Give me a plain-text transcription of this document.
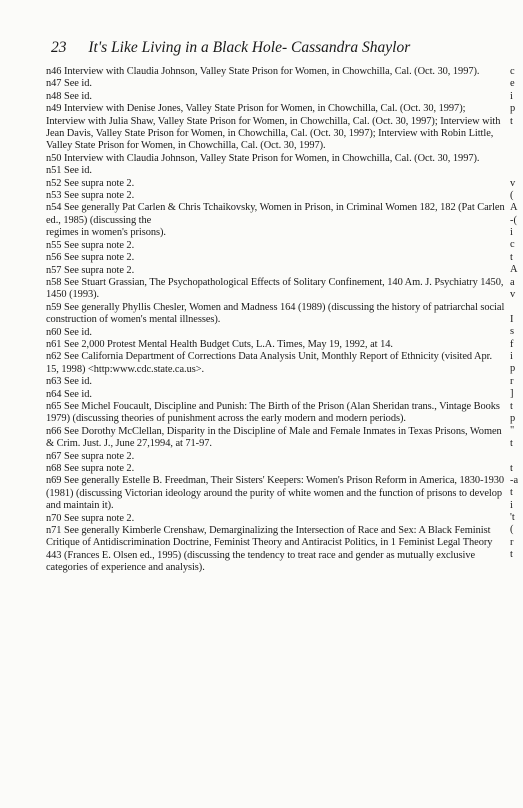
23 It's Like Living in a Black Hole- Cassandra Shaylor

n46 Interview with Claudia Johnson, Valley State Prison for Women, in Chowchilla, Cal. (Oct. 30, 1997).

n47 See id.

n48 See id.

n49 Interview with Denise Jones, Valley State Prison for Women, in Chowchilla, Cal. (Oct. 30, 1997); Interview with Julia Shaw, Valley State Prison for Women, in Chowchilla, Cal. (Oct. 30, 1997); Interview with Jean Davis, Valley State Prison for Women, in Chowchilla, Cal. (Oct. 30, 1997); Interview with Robin Little, Valley State Prison for Women, in Chowchilla, Cal. (Oct. 30, 1997).

n50 Interview with Claudia Johnson, Valley State Prison for Women, in Chowchilla, Cal. (Oct. 30, 1997).

n51 See id.

n52 See supra note 2.

n53 See supra note 2.

n54 See generally Pat Carlen & Chris Tchaikovsky, Women in Prison, in Criminal Women 182, 182 (Pat Carlen ed., 1985) (discussing the

regimes in women's prisons).

n55 See supra note 2.

n56 See supra note 2.

n57 See supra note 2.

n58 See Stuart Grassian, The Psychopathological Effects of Solitary Confinement, 140 Am. J. Psychiatry 1450, 1450 (1993).

n59 See generally Phyllis Chesler, Women and Madness 164 (1989) (discussing the history of patriarchal social construction of women's mental illnesses).

n60 See id.

n61 See 2,000 Protest Mental Health Budget Cuts, L.A. Times, May 19, 1992, at 14.

n62 See California Department of Corrections Data Analysis Unit, Monthly Report of Ethnicity (visited Apr. 15, 1998) <http:www.cdc.state.ca.us>.

n63 See id.

n64 See id.

n65 See Michel Foucault, Discipline and Punish: The Birth of the Prison (Alan Sheridan trans., Vintage Books 1979) (discussing theories of punishment across the early modern and modern periods).

n66 See Dorothy McClellan, Disparity in the Discipline of Male and Female Inmates in Texas Prisons, Women & Crim. Just. J., June 27,1994, at 71-97.

n67 See supra note 2.

n68 See supra note 2.

n69 See generally Estelle B. Freedman, Their Sisters' Keepers: Women's Prison Reform in America, 1830-1930 (1981) (discussing Victorian ideology around the purity of white women and the function of prisons to develop and maintain it).

n70 See supra note 2.

n71 See generally Kimberle Crenshaw, Demarginalizing the Intersection of Race and Sex: A Black Feminist Critique of Antidiscrimination Doctrine, Feminist Theory and Antiracist Politics, in 1 Feminist Legal Theory 443 (Frances E. Olsen ed., 1995) (discussing the tendency to treat race and gender as mutually exclusive categories of experience and analysis).

c
e
i
p
t
v
(
A
-(
i
c
t
A
a
v
I
s
f
i
p
r
]
t
p
"
t
t
-a
t
i
't
(
r
t
